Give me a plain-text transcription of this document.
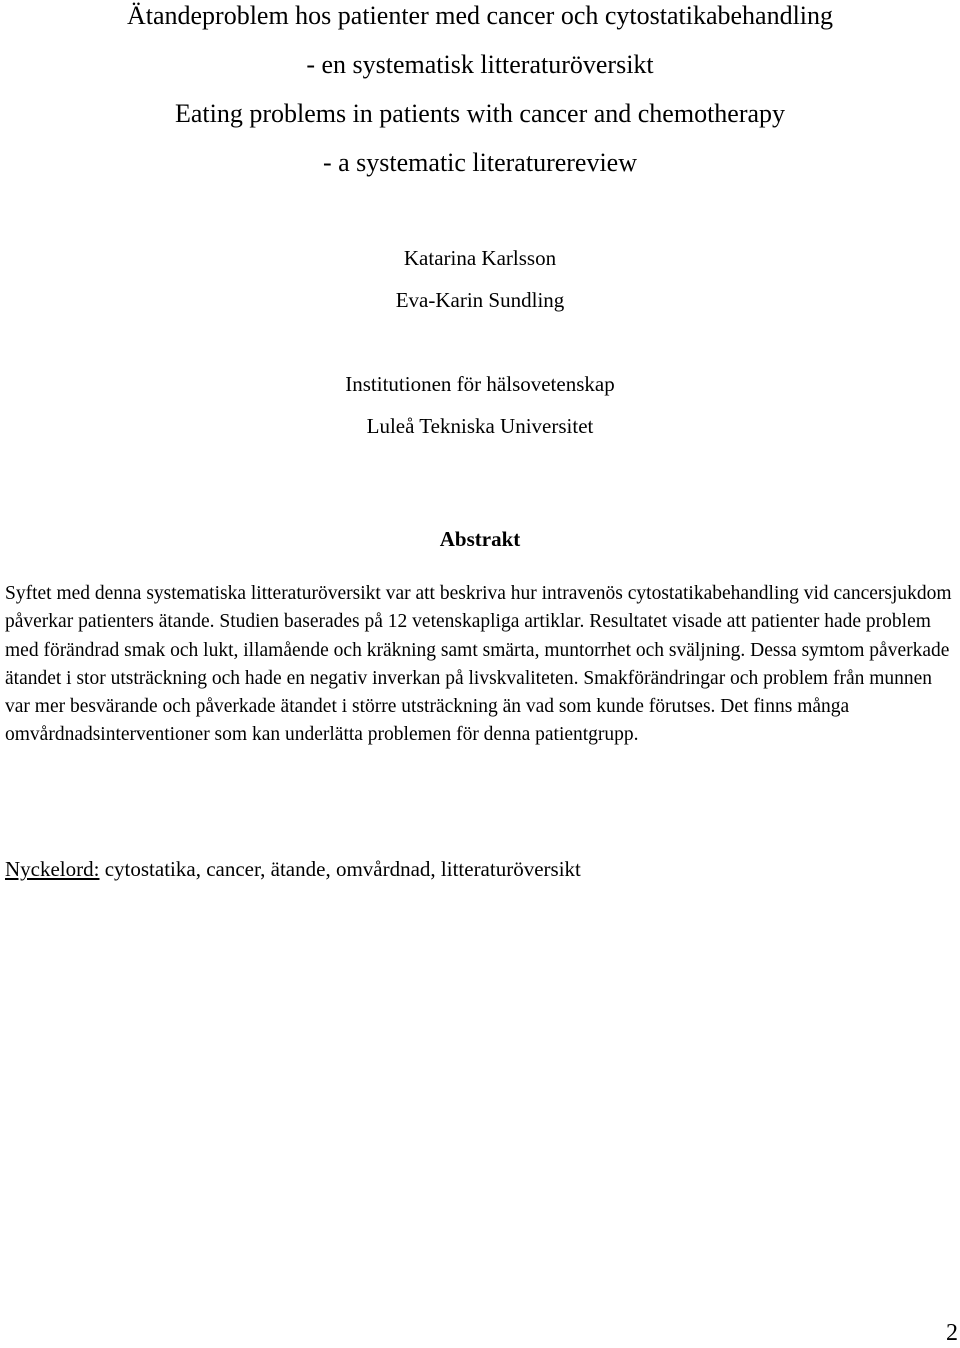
Ätandeproblem hos patienter med cancer och cytostatikabehandling
- en systematisk litteraturöversikt
Eating problems in patients with cancer and chemotherapy
- a systematic literaturereview
Katarina Karlsson
Eva-Karin Sundling
Institutionen för hälsovetenskap
Luleå Tekniska Universitet
Abstrakt

Syftet med denna systematiska litteraturöversikt var att beskriva hur intravenös cytostatikabehandling vid cancersjukdom påverkar patienters ätande. Studien baserades på 12 vetenskapliga artiklar. Resultatet visade att patienter hade problem med förändrad smak och lukt, illamående och kräkning samt smärta, muntorrhet och sväljning. Dessa symtom påverkade ätandet i stor utsträckning och hade en negativ inverkan på livskvaliteten. Smakförändringar och problem från munnen var mer besvärande och påverkade ätandet i större utsträckning än vad som kunde förutses. Det finns många omvårdnadsinterventioner som kan underlätta problemen för denna patientgrupp.

Nyckelord: cytostatika, cancer, ätande, omvårdnad, litteraturöversikt
2
